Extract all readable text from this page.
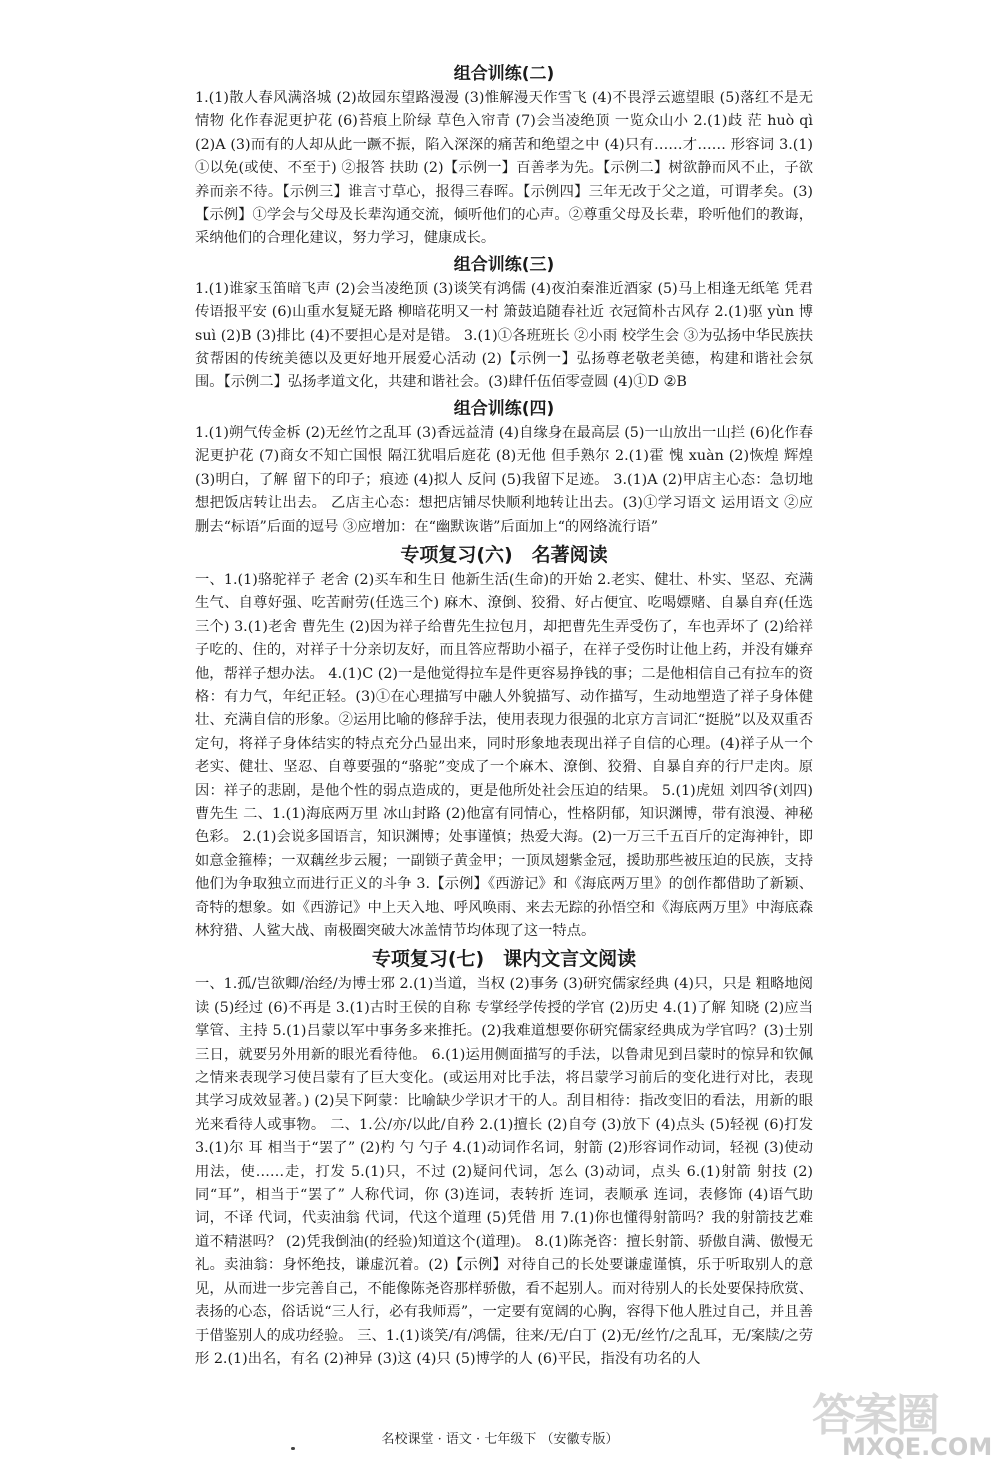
组合训练(二)

1.(1)散人春风满洛城 (2)故园东望路漫漫 (3)惟解漫天作雪飞 (4)不畏浮云遮望眼 (5)落红不是无情物 化作春泥更护花 (6)苔痕上阶绿 草色入帘青 (7)会当凌绝顶 一览众山小 2.(1)歧 茫 huò qì (2)A (3)而有的人却从此一蹶不振，陷入深深的痛苦和绝望之中 (4)只有……才…… 形容词 3.(1)①以免(或使、不至于) ②报答 扶助 (2)【示例一】百善孝为先。【示例二】树欲静而风不止，子欲养而亲不待。【示例三】谁言寸草心，报得三春晖。【示例四】三年无改于父之道，可谓孝矣。(3)【示例】①学会与父母及长辈沟通交流，倾听他们的心声。②尊重父母及长辈，聆听他们的教诲，采纳他们的合理化建议，努力学习，健康成长。

组合训练(三)

1.(1)谁家玉笛暗飞声 (2)会当凌绝顶 (3)谈笑有鸿儒 (4)夜泊秦淮近酒家 (5)马上相逢无纸笔 凭君传语报平安 (6)山重水复疑无路 柳暗花明又一村 箫鼓追随春社近 衣冠简朴古风存 2.(1)驱 yùn 博 suì (2)B (3)排比 (4)不要担心是对是错。 3.(1)①各班班长 ②小雨 校学生会 ③为弘扬中华民族扶贫帮困的传统美德以及更好地开展爱心活动 (2)【示例一】弘扬尊老敬老美德，构建和谐社会氛围。【示例二】弘扬孝道文化，共建和谐社会。(3)肆仟伍佰零壹圆 (4)①D ②B

组合训练(四)

1.(1)朔气传金柝 (2)无丝竹之乱耳 (3)香远益清 (4)自缘身在最高层 (5)一山放出一山拦 (6)化作春泥更护花 (7)商女不知亡国恨 隔江犹唱后庭花 (8)无他 但手熟尔 2.(1)霍 愧 xuàn (2)恢煌 辉煌 (3)明白，了解 留下的印子；痕迹 (4)拟人 反问 (5)我留下足迹。 3.(1)A (2)甲店主心态：急切地想把饭店转让出去。 乙店主心态：想把店铺尽快顺利地转让出去。(3)①学习语文 运用语文 ②应删去“标语”后面的逗号 ③应增加：在“幽默诙谐”后面加上“的网络流行语”

专项复习(六)　名著阅读

一、1.(1)骆驼祥子 老舍 (2)买车和生日 他新生活(生命)的开始 2.老实、健壮、朴实、坚忍、充满生气、自尊好强、吃苦耐劳(任选三个) 麻木、潦倒、狡猾、好占便宜、吃喝嫖赌、自暴自弃(任选三个) 3.(1)老舍 曹先生 (2)因为祥子给曹先生拉包月，却把曹先生弄受伤了，车也弄坏了 (2)给祥子吃的、住的，对祥子十分亲切友好，而且答应帮助小福子，在祥子受伤时让他上药，并没有嫌弃他，帮祥子想办法。 4.(1)C (2)一是他觉得拉车是件更容易挣钱的事；二是他相信自己有拉车的资格：有力气，年纪正轻。(3)①在心理描写中融人外貌描写、动作描写，生动地塑造了祥子身体健壮、充满自信的形象。②运用比喻的修辞手法，使用表现力很强的北京方言词汇“挺脱”以及双重否定句，将祥子身体结实的特点充分凸显出来，同时形象地表现出祥子自信的心理。(4)祥子从一个老实、健壮、坚忍、自尊要强的“骆驼”变成了一个麻木、潦倒、狡猾、自暴自弃的行尸走肉。原因：祥子的悲剧，是他个性的弱点造成的，更是他所处社会压迫的结果。 5.(1)虎妞 刘四爷(刘四) 曹先生 二、1.(1)海底两万里 冰山封路 (2)他富有同情心，性格阴郁，知识渊博，带有浪漫、神秘色彩。 2.(1)会说多国语言，知识渊博；处事谨慎；热爱大海。(2)一万三千五百斤的定海神针，即如意金箍棒；一双藕丝步云履；一副锁子黄金甲；一顶凤翅紫金冠，援助那些被压迫的民族，支持他们为争取独立而进行正义的斗争 3.【示例】《西游记》和《海底两万里》的创作都借助了新颖、奇特的想象。如《西游记》中上天入地、呼风唤雨、来去无踪的孙悟空和《海底两万里》中海底森林狩猎、人鲨大战、南极圈突破大冰盖情节均体现了这一特点。

专项复习(七)　课内文言文阅读

一、1.孤/岂欲卿/治经/为博士邪 2.(1)当道，当权 (2)事务 (3)研究儒家经典 (4)只，只是 粗略地阅读 (5)经过 (6)不再是 3.(1)古时王侯的自称 专掌经学传授的学官 (2)历史 4.(1)了解 知晓 (2)应当 掌管、主持 5.(1)吕蒙以军中事务多来推托。(2)我难道想要你研究儒家经典成为学官吗？(3)士别三日，就要另外用新的眼光看待他。 6.(1)运用侧面描写的手法，以鲁肃见到吕蒙时的惊异和钦佩之情来表现学习使吕蒙有了巨大变化。(或运用对比手法，将吕蒙学习前后的变化进行对比，表现其学习成效显著。) (2)吴下阿蒙：比喻缺少学识才干的人。刮目相待：指改变旧的看法，用新的眼光来看待人或事物。 二、1.公/亦/以此/自矜 2.(1)擅长 (2)自夸 (3)放下 (4)点头 (5)轻视 (6)打发 3.(1)尔 耳 相当于“罢了” (2)杓 勺 勺子 4.(1)动词作名词，射箭 (2)形容词作动词，轻视 (3)使动用法，使……走，打发 5.(1)只，不过 (2)疑问代词，怎么 (3)动词，点头 6.(1)射箭 射技 (2)同“耳”，相当于“罢了” 人称代词，你 (3)连词，表转折 连词，表顺承 连词，表修饰 (4)语气助词，不译 代词，代卖油翁 代词，代这个道理 (5)凭借 用 7.(1)你也懂得射箭吗？我的射箭技艺难道不精湛吗？ (2)凭我倒油(的经验)知道这个(道理)。 8.(1)陈尧咨：擅长射箭、骄傲自满、傲慢无礼。卖油翁：身怀绝技，谦虚沉着。(2)【示例】对待自己的长处要谦虚谨慎，乐于听取别人的意见，从而进一步完善自己，不能像陈尧咨那样骄傲，看不起别人。而对待别人的长处要保持欣赏、表扬的心态，俗话说“三人行，必有我师焉”，一定要有宽阔的心胸，容得下他人胜过自己，并且善于借鉴别人的成功经验。 三、1.(1)谈笑/有/鸿儒，往来/无/白丁 (2)无/丝竹/之乱耳，无/案牍/之劳形 2.(1)出名，有名 (2)神异 (3)这 (4)只 (5)博学的人 (6)平民，指没有功名的人

名校课堂 · 语文 · 七年级下 （安徽专版）	答案圈
MXQE.COM
